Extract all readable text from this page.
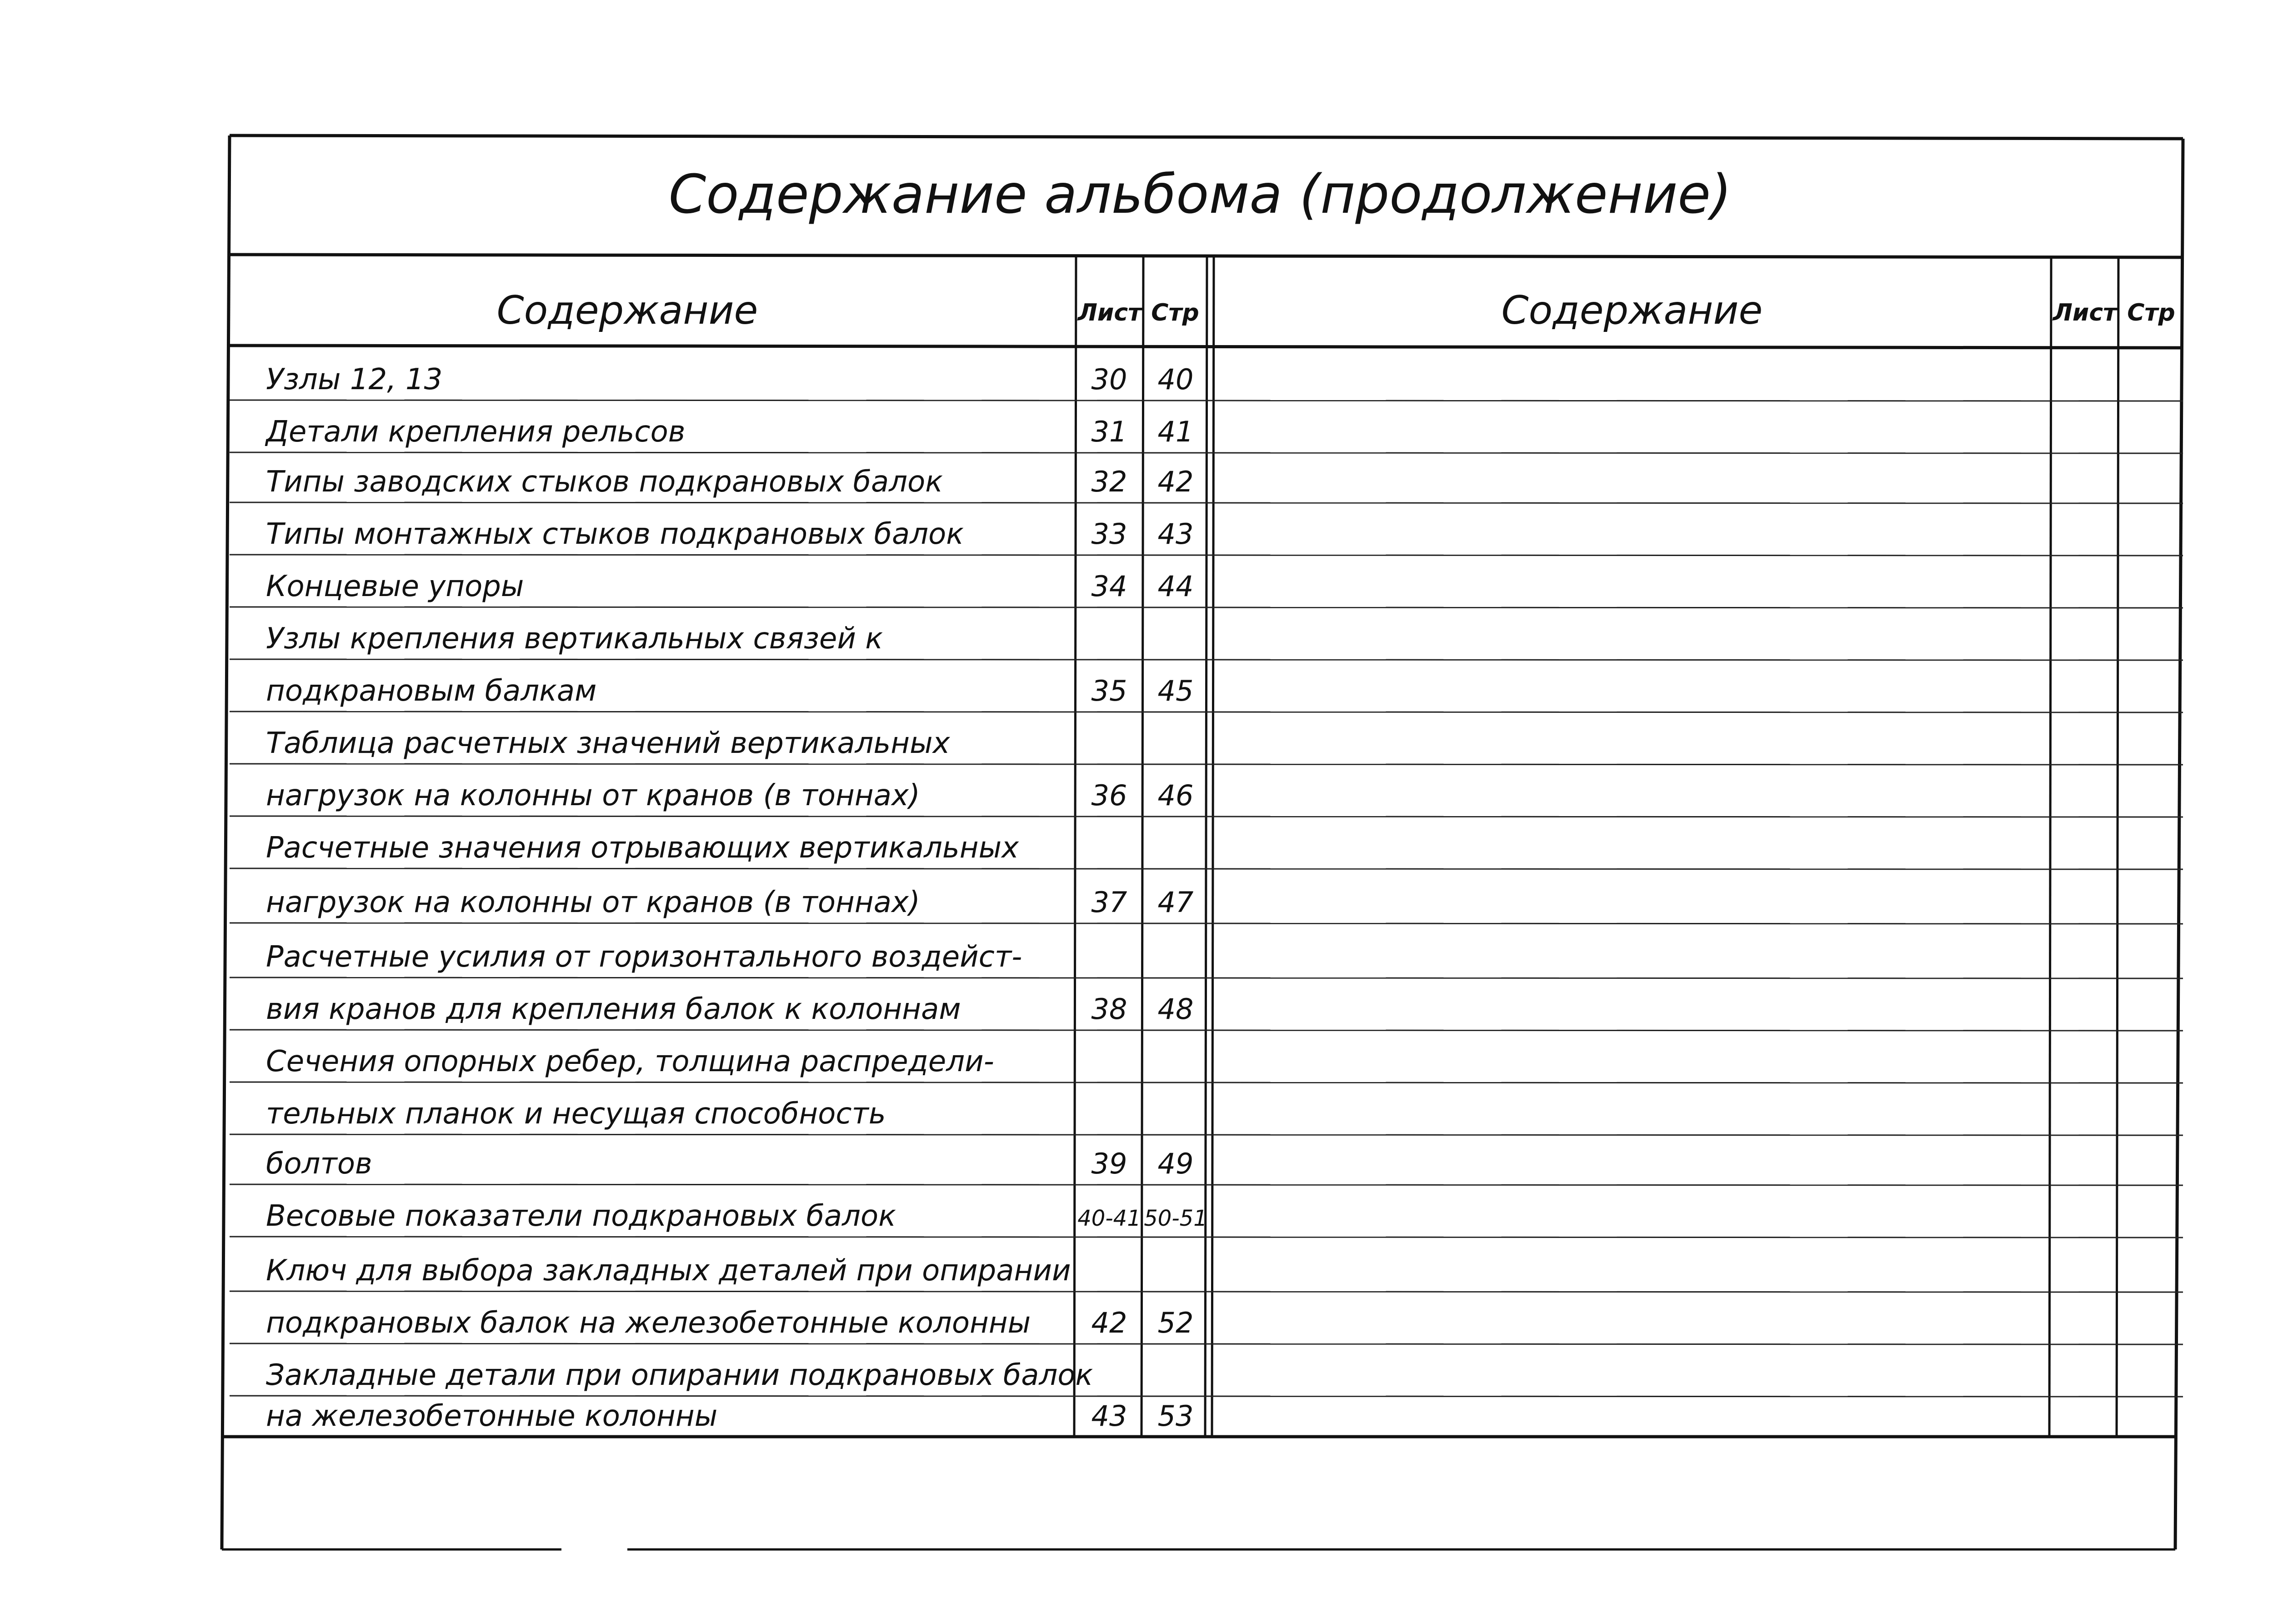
Содержание альбома (продолжение)
Содержание	Лист Стр	Содержание	Лист Стр
Узлы 12, 13	30 40
Детали крепления рельсов	31 41
Типы заводских стыков подкрановых балок	32 42
Типы монтажных стыков подкрановых балок	33 43
Концевые упоры	34 44
Узлы крепления вертикальных связей к
подкрановым балкам	35 45
Таблица расчетных значений вертикальных
нагрузок на колонны от кранов (в тоннах)	36 46
Расчетные значения отрывающих вертикальных
нагрузок на колонны от кранов (в тоннах)	37 47
Расчетные усилия от горизонтального воздейст-
вия кранов для крепления балок к колоннам	38 48
Сечения опорных ребер, толщина распредели-
тельных планок и несущая способность
болтов	39 49
Весовые показатели подкрановых балок	40-41 50-51
Ключ для выбора закладных деталей при опирании
подкрановых балок на железобетонные колонны 42 52
Закладные детали при опирании подкрановых балок
на железобетонные колонны	43 53
